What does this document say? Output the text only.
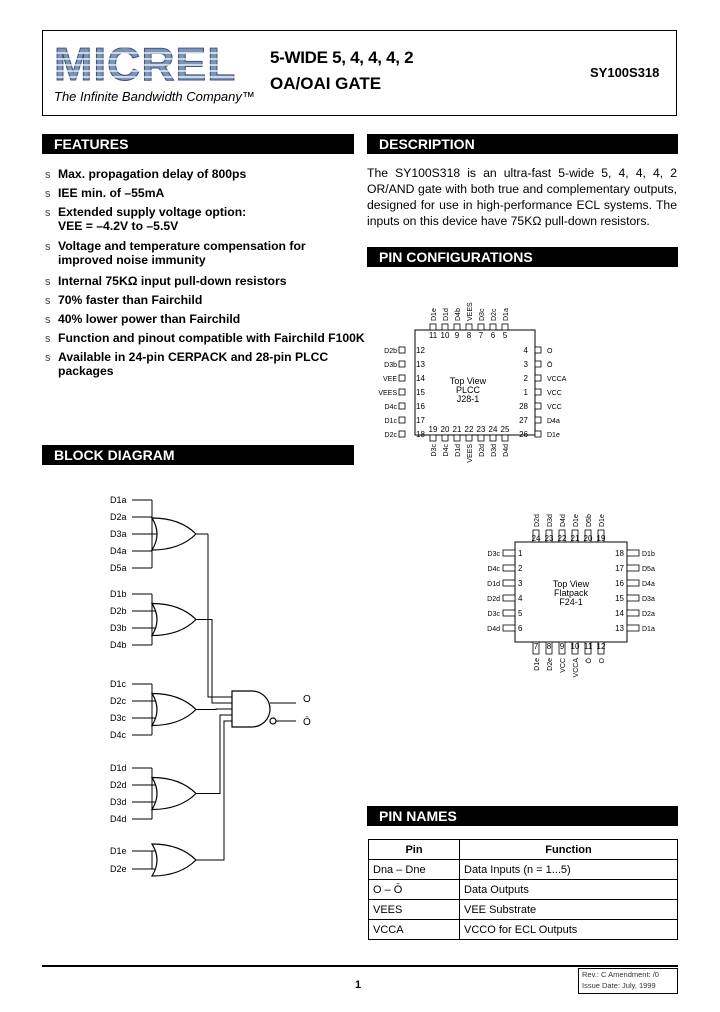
MICREL
The Infinite Bandwidth Company™
5-WIDE 5, 4, 4, 4, 2
OA/OAI GATE
SY100S318
FEATURES
Max. propagation delay of 800ps
s
IEE min. of –55mA
s
Extended supply voltage option:
s
VEE = –4.2V to –5.5V
Voltage and temperature compensation for
s
improved noise immunity
Internal 75KΩ input pull-down resistors
s
70% faster than Fairchild
s
40% lower power than Fairchild
s
Function and pinout compatible with Fairchild F100K
s
Available in 24-pin CERPACK and 28-pin PLCC
s
packages
DESCRIPTION
The SY100S318 is an ultra-fast 5-wide 5, 4, 4, 4, 2 OR/AND gate with both true and complementary outputs, designed for use in high-performance ECL systems. The inputs on this device have 75KΩ pull-down resistors.
PIN CONFIGURATIONS
11
D1e
19
D3c
10
D1d
20
D4c
9
D4b
21
D1d
8
VEES
22
VEES
7
D3c
23
D2d
6
D2c
24
D3d
5
D1a
25
D4d
12
D2b	4	O
13
D3b	3	Ō
14
VEE	2	VCCA
15
VEES	1	VCC
16
D4c	28	VCC
17
D1c	27	D4a
18
D2c	26	D1e
Top View
PLCC
J28-1
24
D2d
7
D1e
23
D3d
8
D2e
22
D4d
9
VCC
21
D1e
10
VCCA
20
D5b
11
Ō
19
D1e
12
O
1
D3c	18	D1b
2
D4c	17	D5a
3
D1d	16	D4a
4
D2d	15	D3a
5
D3c	14	D2a
6
D4d	13	D1a
Top View
Flatpack
F24-1
BLOCK DIAGRAM
D1a
D2a
D3a
D4a
D5a
D1b
D2b
D3b
D4b
D1c
D2c
D3c
D4c
D1d
D2d
D3d
D4d
D1e
D2e
O
Ō
PIN NAMES
Pin	Function
Dna – Dne	Data Inputs (n = 1...5)
O – Ō	Data Outputs
VEES	VEE Substrate
VCCA	VCCO for ECL Outputs
1
Rev.: C Amendment: /0
Issue Date: July, 1999
